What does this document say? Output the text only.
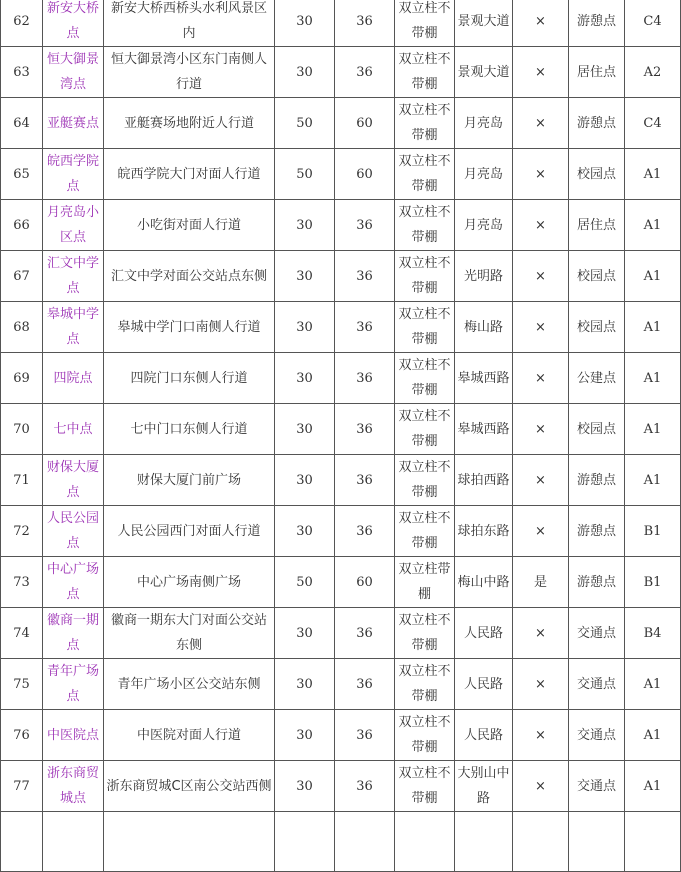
62	新安大桥点	新安大桥西桥头水利风景区内	30	36	双立柱不带棚	景观大道	×	游憩点	C4
63	恒大御景湾点	恒大御景湾小区东门南侧人行道	30	36	双立柱不带棚	景观大道	×	居住点	A2
64	亚艇赛点	亚艇赛场地附近人行道	50	60	双立柱不带棚	月亮岛	×	游憩点	C4
65	皖西学院点	皖西学院大门对面人行道	50	60	双立柱不带棚	月亮岛	×	校园点	A1
66	月亮岛小区点	小吃街对面人行道	30	36	双立柱不带棚	月亮岛	×	居住点	A1
67	汇文中学点	汇文中学对面公交站点东侧	30	36	双立柱不带棚	光明路	×	校园点	A1
68	皋城中学点	皋城中学门口南侧人行道	30	36	双立柱不带棚	梅山路	×	校园点	A1
69	四院点	四院门口东侧人行道	30	36	双立柱不带棚	皋城西路	×	公建点	A1
70	七中点	七中门口东侧人行道	30	36	双立柱不带棚	皋城西路	×	校园点	A1
71	财保大厦点	财保大厦门前广场	30	36	双立柱不带棚	球拍西路	×	游憩点	A1
72	人民公园点	人民公园西门对面人行道	30	36	双立柱不带棚	球拍东路	×	游憩点	B1
73	中心广场点	中心广场南侧广场	50	60	双立柱带棚	梅山中路	是	游憩点	B1
74	徽商一期点	徽商一期东大门对面公交站东侧	30	36	双立柱不带棚	人民路	×	交通点	B4
75	青年广场点	青年广场小区公交站东侧	30	36	双立柱不带棚	人民路	×	交通点	A1
76	中医院点	中医院对面人行道	30	36	双立柱不带棚	人民路	×	交通点	A1
77	浙东商贸城点	浙东商贸城C区南公交站西侧	30	36	双立柱不带棚	大别山中路	×	交通点	A1
